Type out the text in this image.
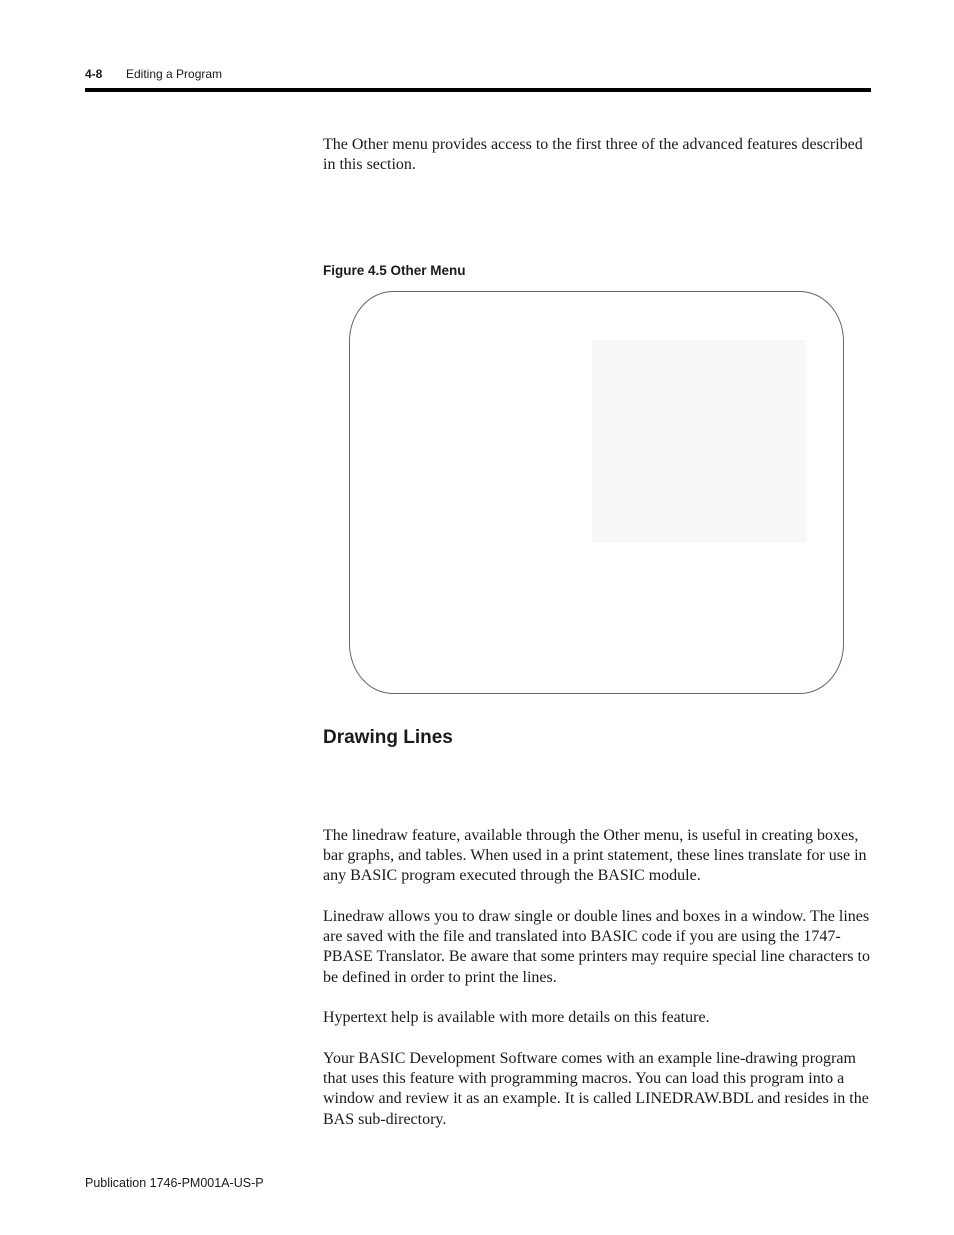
4-8 Editing a Program

The Other menu provides access to the first three of the advanced features described in this section.

Figure 4.5 Other Menu
Drawing Lines

The linedraw feature, available through the Other menu, is useful in creating boxes, bar graphs, and tables. When used in a print statement, these lines translate for use in any BASIC program executed through the BASIC module.

Linedraw allows you to draw single or double lines and boxes in a window. The lines are saved with the file and translated into BASIC code if you are using the 1747-PBASE Translator. Be aware that some printers may require special line characters to be defined in order to print the lines.

Hypertext help is available with more details on this feature.

Your BASIC Development Software comes with an example line-drawing program that uses this feature with programming macros. You can load this program into a window and review it as an example. It is called LINEDRAW.BDL and resides in the BAS sub-directory.

Publication 1746-PM001A-US-P
